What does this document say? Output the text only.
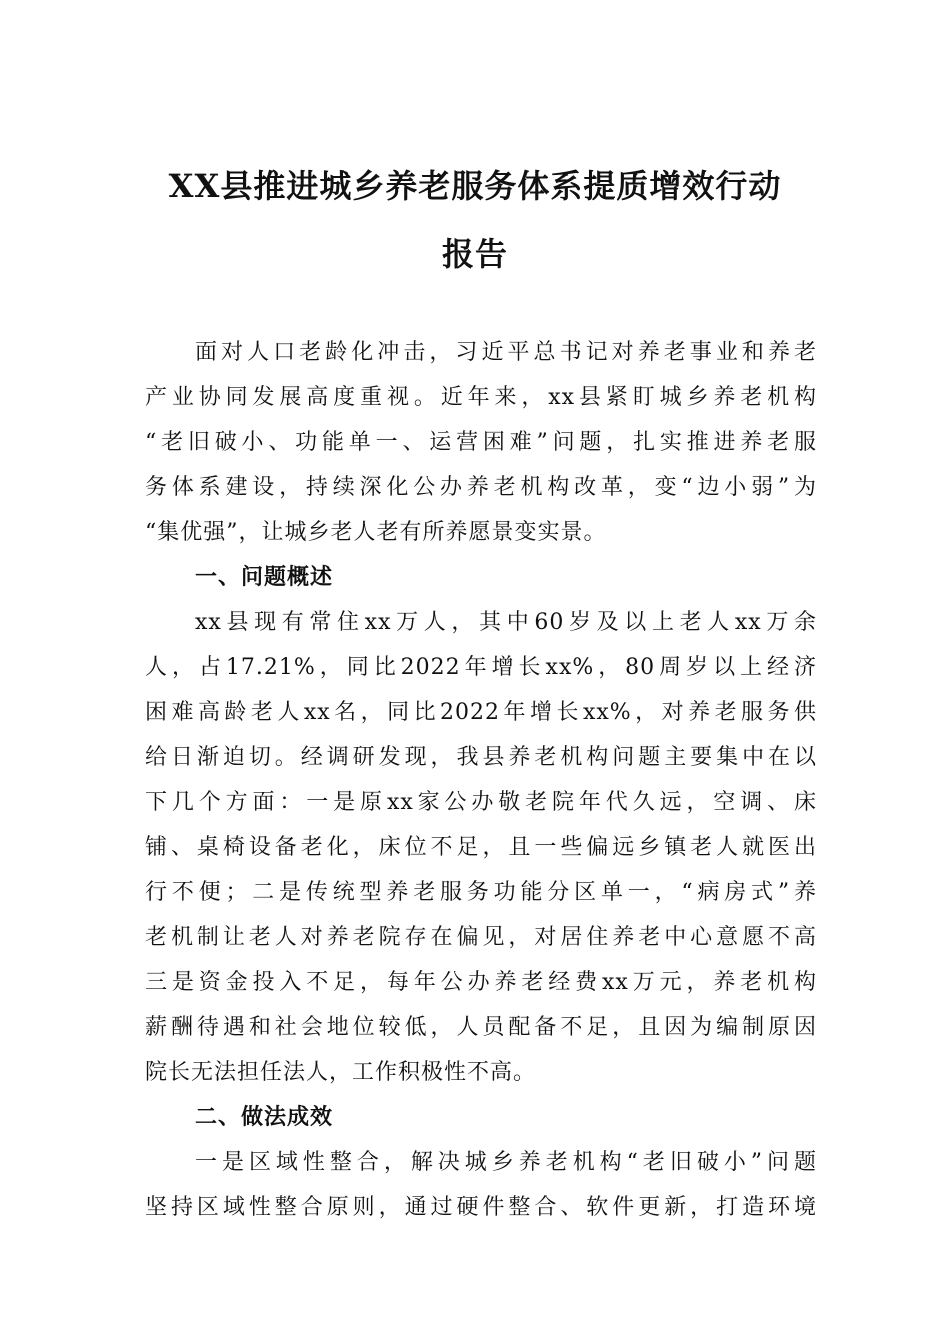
XX县推进城乡养老服务体系提质增效行动
报告
面对人口老龄化冲击，习近平总书记对养老事业和养老
产业协同发展高度重视。近年来，xx县紧盯城乡养老机构
“老旧破小、功能单一、运营困难”问题，扎实推进养老服
务体系建设，持续深化公办养老机构改革，变“边小弱”为
“集优强”，让城乡老人老有所养愿景变实景。
一、问题概述
xx县现有常住xx万人，其中60岁及以上老人xx万余
人，占17.21%，同比2022年增长xx%，80周岁以上经济
困难高龄老人xx名，同比2022年增长xx%，对养老服务供
给日渐迫切。经调研发现，我县养老机构问题主要集中在以
下几个方面：一是原xx家公办敬老院年代久远，空调、床
铺、桌椅设备老化，床位不足，且一些偏远乡镇老人就医出
行不便；二是传统型养老服务功能分区单一，“病房式”养
老机制让老人对养老院存在偏见，对居住养老中心意愿不高
三是资金投入不足，每年公办养老经费xx万元，养老机构
薪酬待遇和社会地位较低，人员配备不足，且因为编制原因
院长无法担任法人，工作积极性不高。
二、做法成效
一是区域性整合，解决城乡养老机构“老旧破小”问题
坚持区域性整合原则，通过硬件整合、软件更新，打造环境
